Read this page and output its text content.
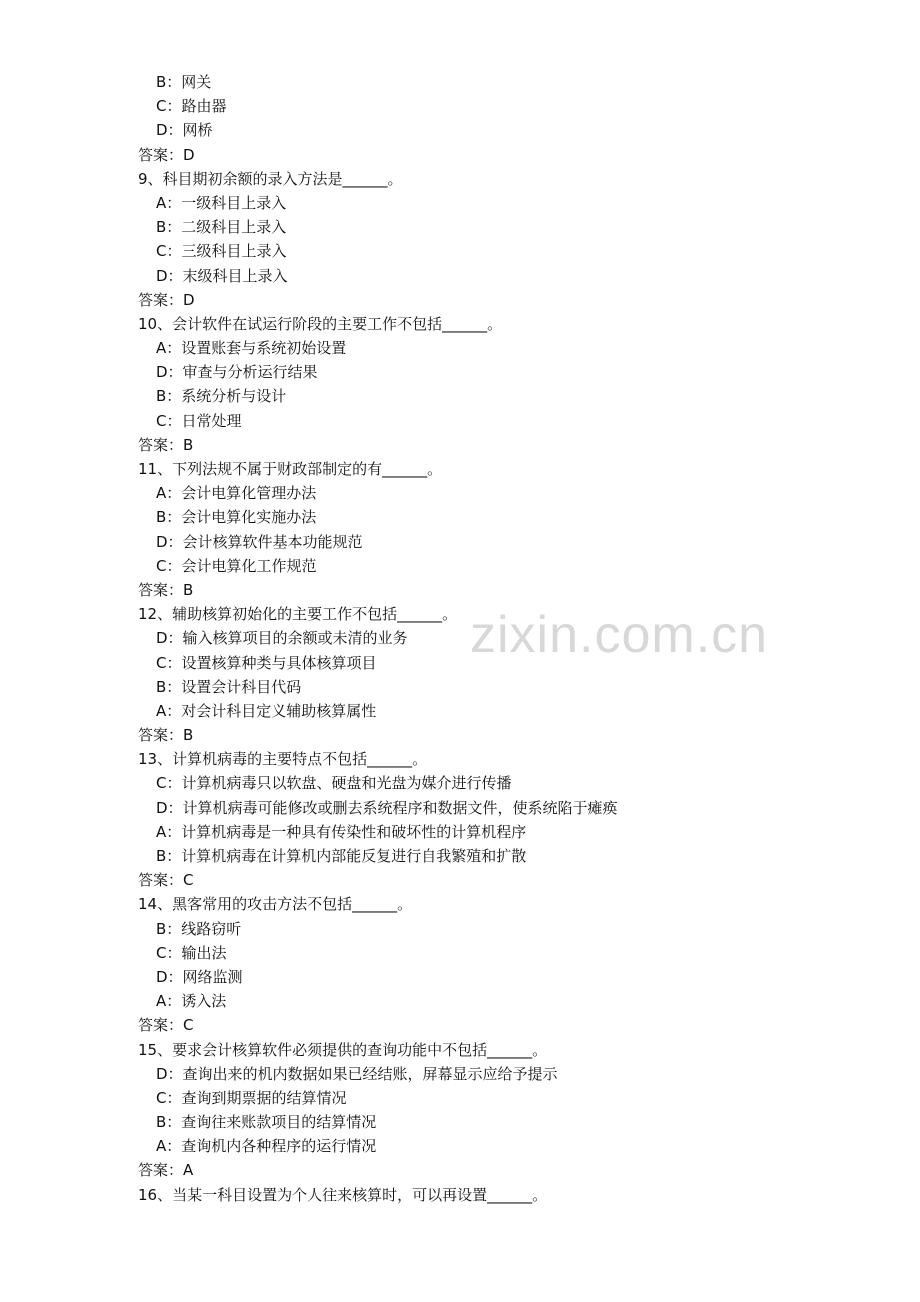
zixin.com.cn
B：网关
C：路由器
D：网桥
答案：D
9、科目期初余额的录入方法是______。
A：一级科目上录入
B：二级科目上录入
C：三级科目上录入
D：末级科目上录入
答案：D
10、会计软件在试运行阶段的主要工作不包括______。
A：设置账套与系统初始设置
D：审查与分析运行结果
B：系统分析与设计
C：日常处理
答案：B
11、下列法规不属于财政部制定的有______。
A：会计电算化管理办法
B：会计电算化实施办法
D：会计核算软件基本功能规范
C：会计电算化工作规范
答案：B
12、辅助核算初始化的主要工作不包括______。
D：输入核算项目的余额或未清的业务
C：设置核算种类与具体核算项目
B：设置会计科目代码
A：对会计科目定义辅助核算属性
答案：B
13、计算机病毒的主要特点不包括______。
C：计算机病毒只以软盘、硬盘和光盘为媒介进行传播
D：计算机病毒可能修改或删去系统程序和数据文件，使系统陷于瘫痪
A：计算机病毒是一种具有传染性和破坏性的计算机程序
B：计算机病毒在计算机内部能反复进行自我繁殖和扩散
答案：C
14、黑客常用的攻击方法不包括______。
B：线路窃听
C：输出法
D：网络监测
A：诱入法
答案：C
15、要求会计核算软件必须提供的查询功能中不包括______。
D：查询出来的机内数据如果已经结账，屏幕显示应给予提示
C：查询到期票据的结算情况
B：查询往来账款项目的结算情况
A：查询机内各种程序的运行情况
答案：A
16、当某一科目设置为个人往来核算时，可以再设置______。
